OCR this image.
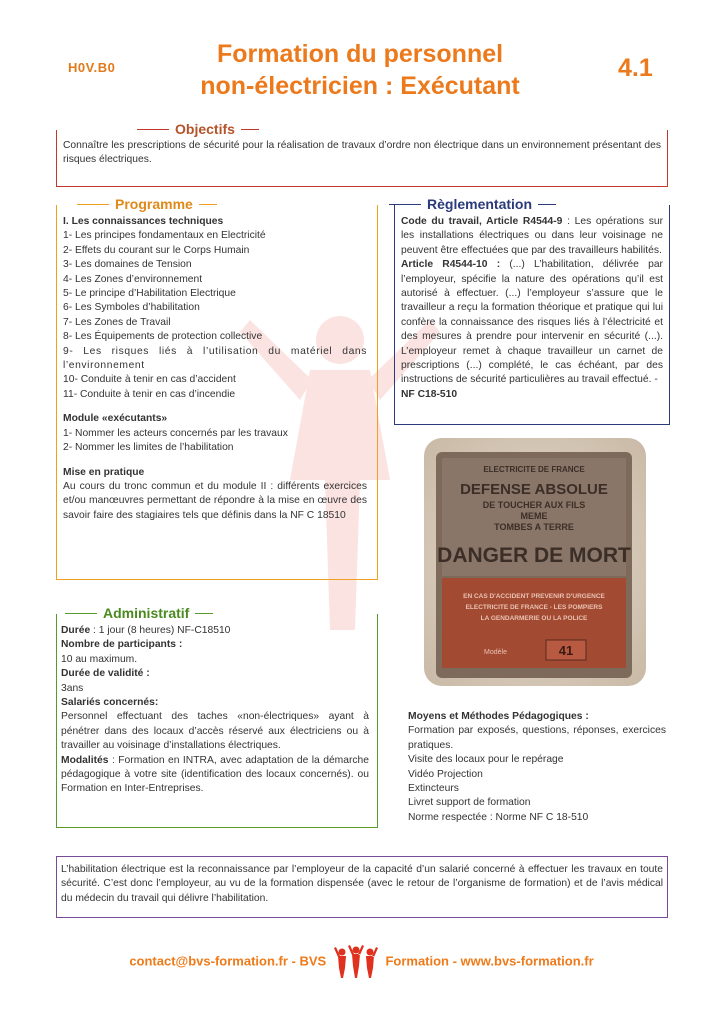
H0V.B0	Formation du personnel
non-électricien : Exécutant
4.1
Objectifs
Connaître les prescriptions de sécurité pour la réalisation de travaux d’ordre non électrique dans un environnement présentant des risques électriques.
Programme
I. Les connaissances techniques
1- Les principes fondamentaux en Electricité
2- Effets du courant sur le Corps Humain
3- Les domaines de Tension
4- Les Zones d’environnement
5- Le principe d’Habilitation Electrique
6- Les Symboles d’habilitation
7- Les Zones de Travail
8- Les Équipements de protection collective
9- Les risques liés à l’utilisation du matériel dans l’environnement
10- Conduite à tenir en cas d’accident
11- Conduite à tenir en cas d’incendie
Module «exécutants»
1- Nommer les acteurs concernés par les travaux
2- Nommer les limites de l’habilitation
Mise en pratique
Au cours du tronc commun et du module II : différents exercices et/ou manœuvres permettant de répondre à la mise en œuvre des savoir faire des stagiaires tels que définis dans la NF C 18510
Règlementation
Code du travail, Article R4544-9 : Les opérations sur les installations électriques ou dans leur voisinage ne peuvent être effectuées que par des travailleurs habilités.
Article R4544-10 : (...) L’habilitation, délivrée par l’employeur, spécifie la nature des opérations qu’il est autorisé à effectuer. (...) l’employeur s’assure que le travailleur a reçu la formation théorique et pratique qui lui confère la connaissance des risques liés à l’électricité et des mesures à prendre pour intervenir en sécurité (...). L’employeur remet à chaque travailleur un carnet de prescriptions (...) complété, le cas échéant, par des instructions de sécurité particulières au travail effectué. -
NF C18-510
ELECTRICITE DE FRANCE
DEFENSE ABSOLUE
DE TOUCHER AUX FILS
MEME
TOMBES A TERRE
DANGER DE MORT
EN CAS D'ACCIDENT PREVENIR D'URGENCE
ELECTRICITE DE FRANCE - LES POMPIERS
LA GENDARMERIE OU LA POLICE
Modèle	41
Administratif
Durée : 1 jour (8 heures) NF-C18510
Nombre de participants :
10 au maximum.
Durée de validité :
3ans
Salariés concernés:
Personnel effectuant des taches «non-électriques» ayant à pénétrer dans des locaux d’accès réservé aux électriciens ou à travailler au voisinage d’installations électriques.
Modalités : Formation en INTRA, avec adaptation de la démarche pédagogique à votre site (identification des locaux concernés). ou Formation en Inter-Entreprises.
Moyens et Méthodes Pédagogiques :
Formation par exposés, questions, réponses, exercices pratiques.
Visite des locaux pour le repérage
Vidéo Projection
Extincteurs
Livret support de formation
Norme respectée : Norme NF C 18-510
L’habilitation électrique est la reconnaissance par l’employeur de la capacité d’un salarié concerné à effectuer les travaux en toute sécurité. C’est donc l’employeur, au vu de la formation dispensée (avec le retour de l’organisme de formation) et de l’avis médical du médecin du travail qui délivre l’habilitation.
contact@bvs-formation.fr - BVS	Formation - www.bvs-formation.fr
